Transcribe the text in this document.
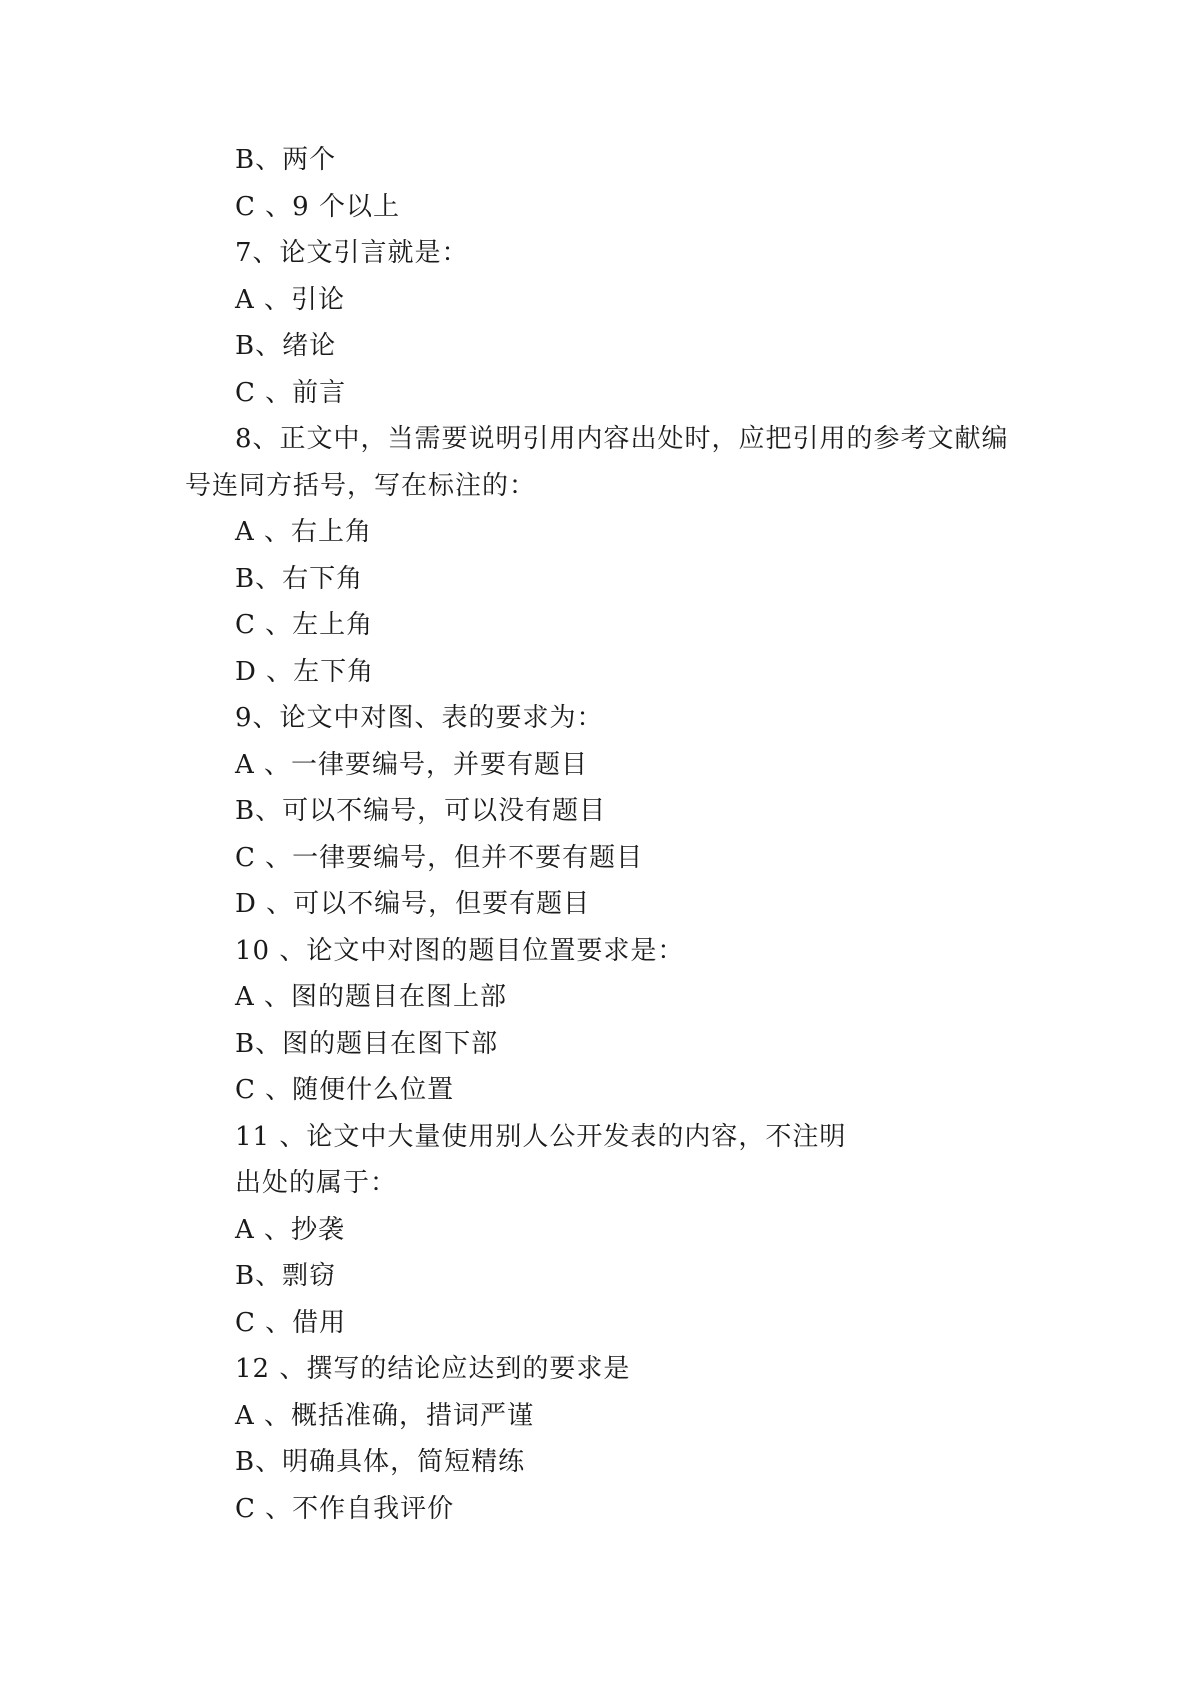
B、两个
C 、9 个以上
7、论文引言就是：
A 、引论
B、绪论
C 、前言
8、正文中，当需要说明引用内容出处时，应把引用的参考文献编
号连同方括号，写在标注的：
A 、右上角
B、右下角
C 、左上角
D 、左下角
9、论文中对图、表的要求为：
A 、一律要编号，并要有题目
B、可以不编号，可以没有题目
C 、一律要编号，但并不要有题目
D 、可以不编号，但要有题目
10 、论文中对图的题目位置要求是：
A 、图的题目在图上部
B、图的题目在图下部
C 、随便什么位置
11 、论文中大量使用别人公开发表的内容，不注明
出处的属于：
A 、抄袭
B、剽窃
C 、借用
12 、撰写的结论应达到的要求是
A 、概括准确，措词严谨
B、明确具体，简短精练
C 、不作自我评价
